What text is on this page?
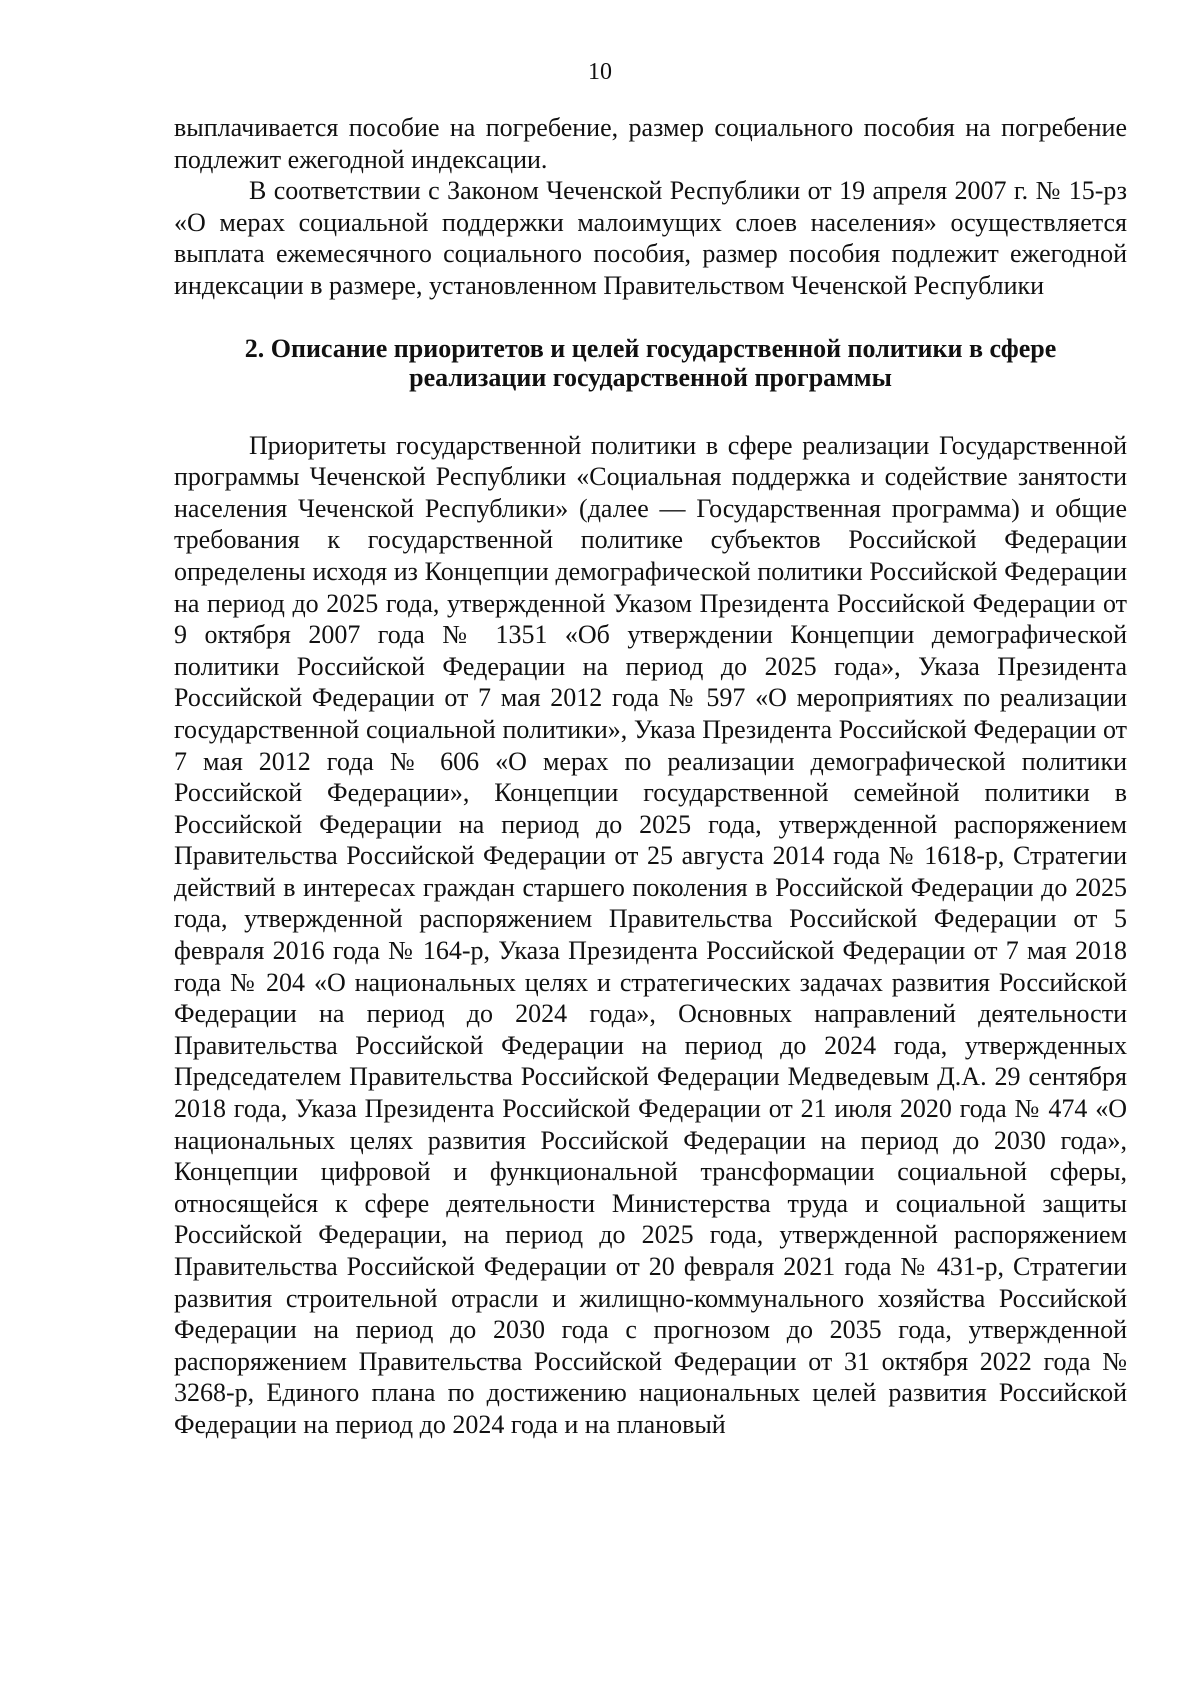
10

выплачивается пособие на погребение, размер социального пособия на погребение подлежит ежегодной индексации.

В соответствии с Законом Чеченской Республики от 19 апреля 2007 г. № 15-рз «О мерах социальной поддержки малоимущих слоев населения» осуществляется выплата ежемесячного социального пособия, размер пособия подлежит ежегодной индексации в размере, установленном Правительством Чеченской Республики

2. Описание приоритетов и целей государственной политики в сфере
реализации государственной программы

Приоритеты государственной политики в сфере реализации Государственной программы Чеченской Республики «Социальная поддержка и содействие занятости населения Чеченской Республики» (далее — Государственная программа) и общие требования к государственной политике субъектов Российской Федерации определены исходя из Концепции демографической политики Российской Федерации на период до 2025 года, утвержденной Указом Президента Российской Федерации от 9 октября 2007 года № 1351 «Об утверждении Концепции демографической политики Российской Федерации на период до 2025 года», Указа Президента Российской Федерации от 7 мая 2012 года № 597 «О мероприятиях по реализации государственной социальной политики», Указа Президента Российской Федерации от 7 мая 2012 года № 606 «О мерах по реализации демографической политики Российской Федерации», Концепции государственной семейной политики в Российской Федерации на период до 2025 года, утвержденной распоряжением Правительства Российской Федерации от 25 августа 2014 года № 1618-р, Стратегии действий в интересах граждан старшего поколения в Российской Федерации до 2025 года, утвержденной распоряжением Правительства Российской Федерации от 5 февраля 2016 года № 164-р, Указа Президента Российской Федерации от 7 мая 2018 года № 204 «О национальных целях и стратегических задачах развития Российской Федерации на период до 2024 года», Основных направлений деятельности Правительства Российской Федерации на период до 2024 года, утвержденных Председателем Правительства Российской Федерации Медведевым Д.А. 29 сентября 2018 года, Указа Президента Российской Федерации от 21 июля 2020 года № 474 «О национальных целях развития Российской Федерации на период до 2030 года», Концепции цифровой и функциональной трансформации социальной сферы, относящейся к сфере деятельности Министерства труда и социальной защиты Российской Федерации, на период до 2025 года, утвержденной распоряжением Правительства Российской Федерации от 20 февраля 2021 года № 431-р, Стратегии развития строительной отрасли и жилищно-коммунального хозяйства Российской Федерации на период до 2030 года с прогнозом до 2035 года, утвержденной распоряжением Правительства Российской Федерации от 31 октября 2022 года № 3268-р, Единого плана по достижению национальных целей развития Российской Федерации на период до 2024 года и на плановый
